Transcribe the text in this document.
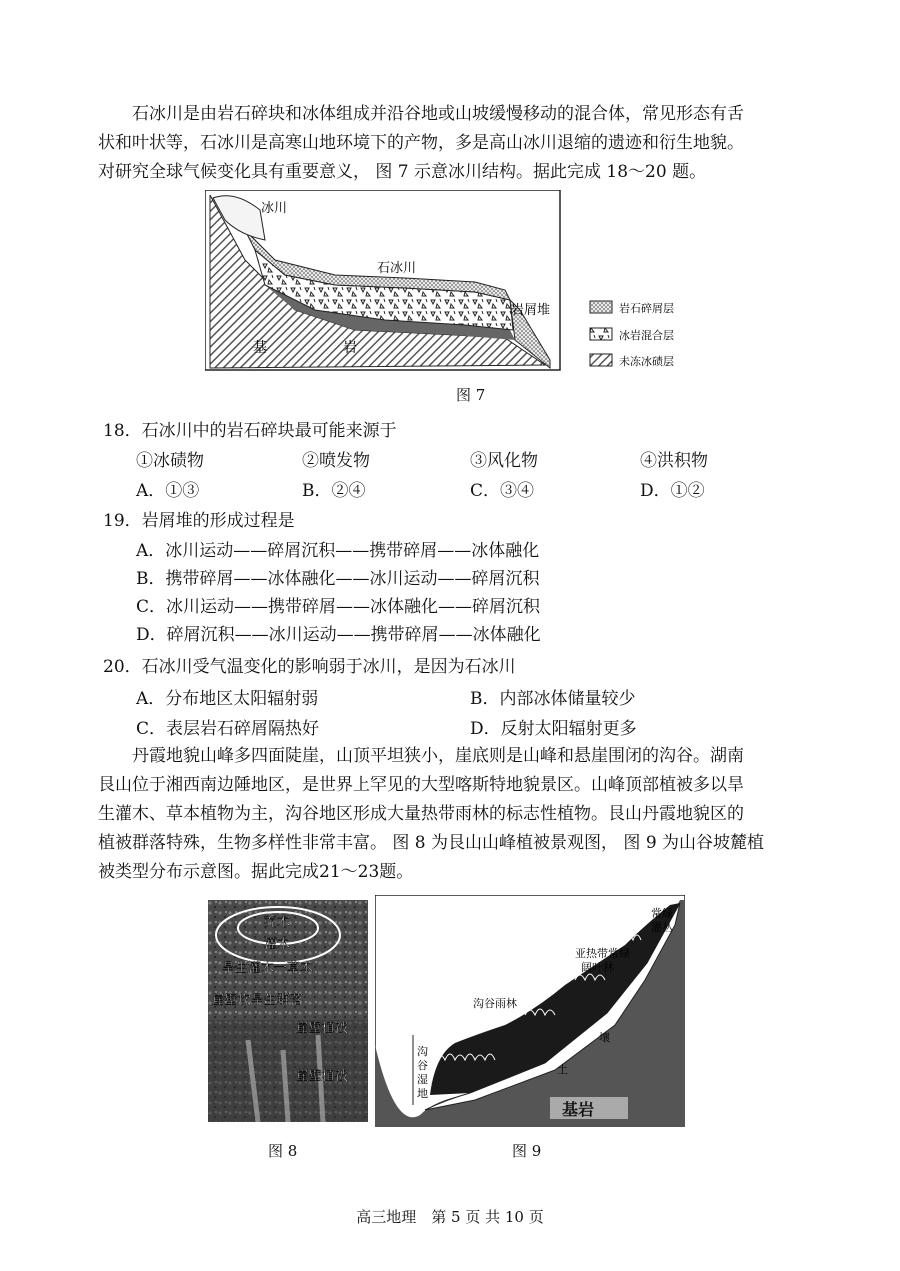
石冰川是由岩石碎块和冰体组成并沿谷地或山坡缓慢移动的混合体，常见形态有舌

状和叶状等，石冰川是高寒山地环境下的产物，多是高山冰川退缩的遗迹和衍生地貌。

对研究全球气候变化具有重要意义， 图 7 示意冰川结构。据此完成 18～20 题。

冰川
石冰川
岩屑堆
基	岩
岩石碎屑层
冰岩混合层
未冻冰碛层
图 7
18．石冰川中的岩石碎块最可能来源于
①冰碛物	②喷发物	③风化物	④洪积物
A．①③	B．②④	C．③④	D．①②
19．岩屑堆的形成过程是
A．冰川运动——碎屑沉积——携带碎屑——冰体融化
B．携带碎屑——冰体融化——冰川运动——碎屑沉积
C．冰川运动——携带碎屑——冰体融化——碎屑沉积
D．碎屑沉积——冰川运动——携带碎屑——冰体融化
20．石冰川受气温变化的影响弱于冰川，是因为石冰川
A．分布地区太阳辐射弱	B．内部冰体储量较少
C．表层岩石碎屑隔热好	D．反射太阳辐射更多

丹霞地貌山峰多四面陡崖，山顶平坦狭小，崖底则是山峰和悬崖围闭的沟谷。湖南

艮山位于湘西南边陲地区，是世界上罕见的大型喀斯特地貌景区。山峰顶部植被多以旱

生灌木、草本植物为主，沟谷地区形成大量热带雨林的标志性植物。艮山丹霞地貌区的

植被群落特殊，生物多样性非常丰富。 图 8 为艮山山峰植被景观图， 图 9 为山谷坡麓植

被类型分布示意图。据此完成21～23题。

乔木
灌木
旱生灌木一草本
崖壁坎旱生群落
崖壁植被
崖壁植被
图 8
基岩
常绿
灌丛
亚热带常绿
阔叶林
沟谷雨林
沟
谷
湿
地
壤
土
图 9
高三地理　第 5 页 共 10 页
